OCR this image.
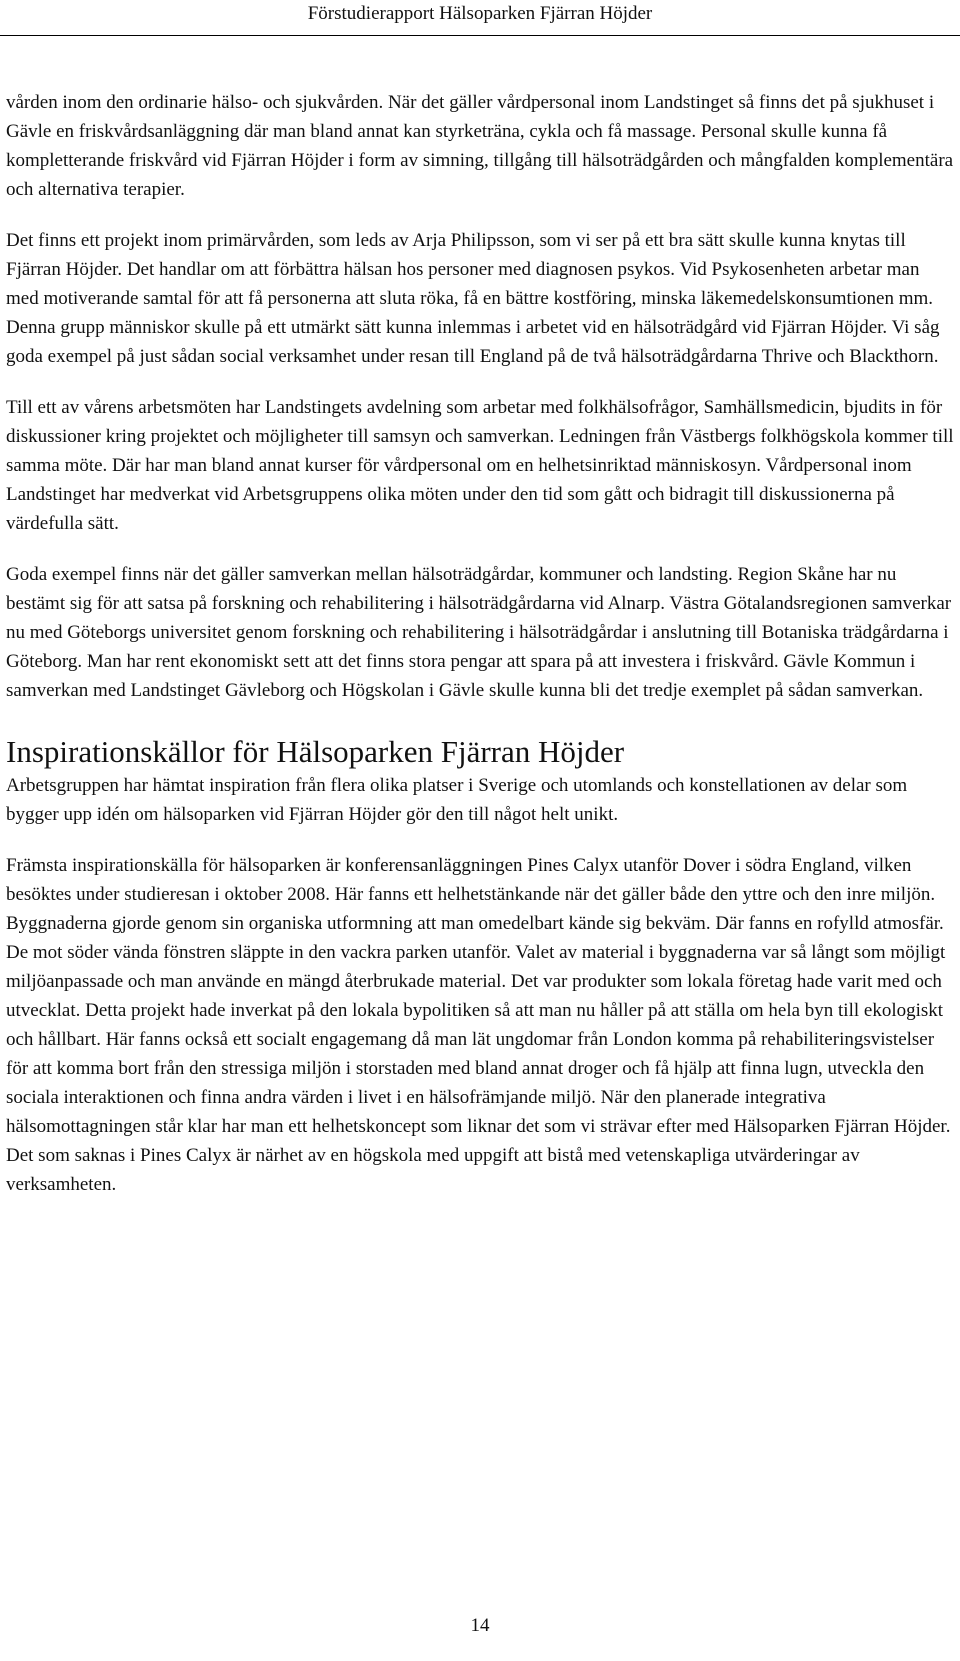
Förstudierapport Hälsoparken Fjärran Höjder

vården inom den ordinarie hälso- och sjukvården. När det gäller vårdpersonal inom Landstinget så finns det på sjukhuset i Gävle en friskvårdsanläggning där man bland annat kan styrketräna, cykla och få massage. Personal skulle kunna få kompletterande friskvård vid Fjärran Höjder i form av simning, tillgång till hälsoträdgården och mångfalden komplementära och alternativa terapier.

Det finns ett projekt inom primärvården, som leds av Arja Philipsson, som vi ser på ett bra sätt skulle kunna knytas till Fjärran Höjder. Det handlar om att förbättra hälsan hos personer med diagnosen psykos. Vid Psykosenheten arbetar man med motiverande samtal för att få personerna att sluta röka, få en bättre kostföring, minska läkemedelskonsumtionen mm. Denna grupp människor skulle på ett utmärkt sätt kunna inlemmas i arbetet vid en hälsoträdgård vid Fjärran Höjder. Vi såg goda exempel på just sådan social verksamhet under resan till England på de två hälsoträdgårdarna Thrive och Blackthorn.

Till ett av vårens arbetsmöten har Landstingets avdelning som arbetar med folkhälsofrågor, Samhällsmedicin, bjudits in för diskussioner kring projektet och möjligheter till samsyn och samverkan. Ledningen från Västbergs folkhögskola kommer till samma möte. Där har man bland annat kurser för vårdpersonal om en helhetsinriktad människosyn. Vårdpersonal inom Landstinget har medverkat vid Arbetsgruppens olika möten under den tid som gått och bidragit till diskussionerna på värdefulla sätt.

Goda exempel finns när det gäller samverkan mellan hälsoträdgårdar, kommuner och landsting. Region Skåne har nu bestämt sig för att satsa på forskning och rehabilitering i hälsoträdgårdarna vid Alnarp. Västra Götalandsregionen samverkar nu med Göteborgs universitet genom forskning och rehabilitering i hälsoträdgårdar i anslutning till Botaniska trädgårdarna i Göteborg. Man har rent ekonomiskt sett att det finns stora pengar att spara på att investera i friskvård. Gävle Kommun i samverkan med Landstinget Gävleborg och Högskolan i Gävle skulle kunna bli det tredje exemplet på sådan samverkan.

Inspirationskällor för Hälsoparken Fjärran Höjder

Arbetsgruppen har hämtat inspiration från flera olika platser i Sverige och utomlands och konstellationen av delar som bygger upp idén om hälsoparken vid Fjärran Höjder gör den till något helt unikt.

Främsta inspirationskälla för hälsoparken är konferensanläggningen Pines Calyx utanför Dover i södra England, vilken besöktes under studieresan i oktober 2008. Här fanns ett helhetstänkande när det gäller både den yttre och den inre miljön. Byggnaderna gjorde genom sin organiska utformning att man omedelbart kände sig bekväm. Där fanns en rofylld atmosfär. De mot söder vända fönstren släppte in den vackra parken utanför. Valet av material i byggnaderna var så långt som möjligt miljöanpassade och man använde en mängd återbrukade material. Det var produkter som lokala företag hade varit med och utvecklat. Detta projekt hade inverkat på den lokala bypolitiken så att man nu håller på att ställa om hela byn till ekologiskt och hållbart. Här fanns också ett socialt engagemang då man lät ungdomar från London komma på rehabiliteringsvistelser för att komma bort från den stressiga miljön i storstaden med bland annat droger och få hjälp att finna lugn, utveckla den sociala interaktionen och finna andra värden i livet i en hälsofrämjande miljö. När den planerade integrativa hälsomottagningen står klar har man ett helhetskoncept som liknar det som vi strävar efter med Hälsoparken Fjärran Höjder. Det som saknas i Pines Calyx är närhet av en högskola med uppgift att bistå med vetenskapliga utvärderingar av verksamheten.

14
